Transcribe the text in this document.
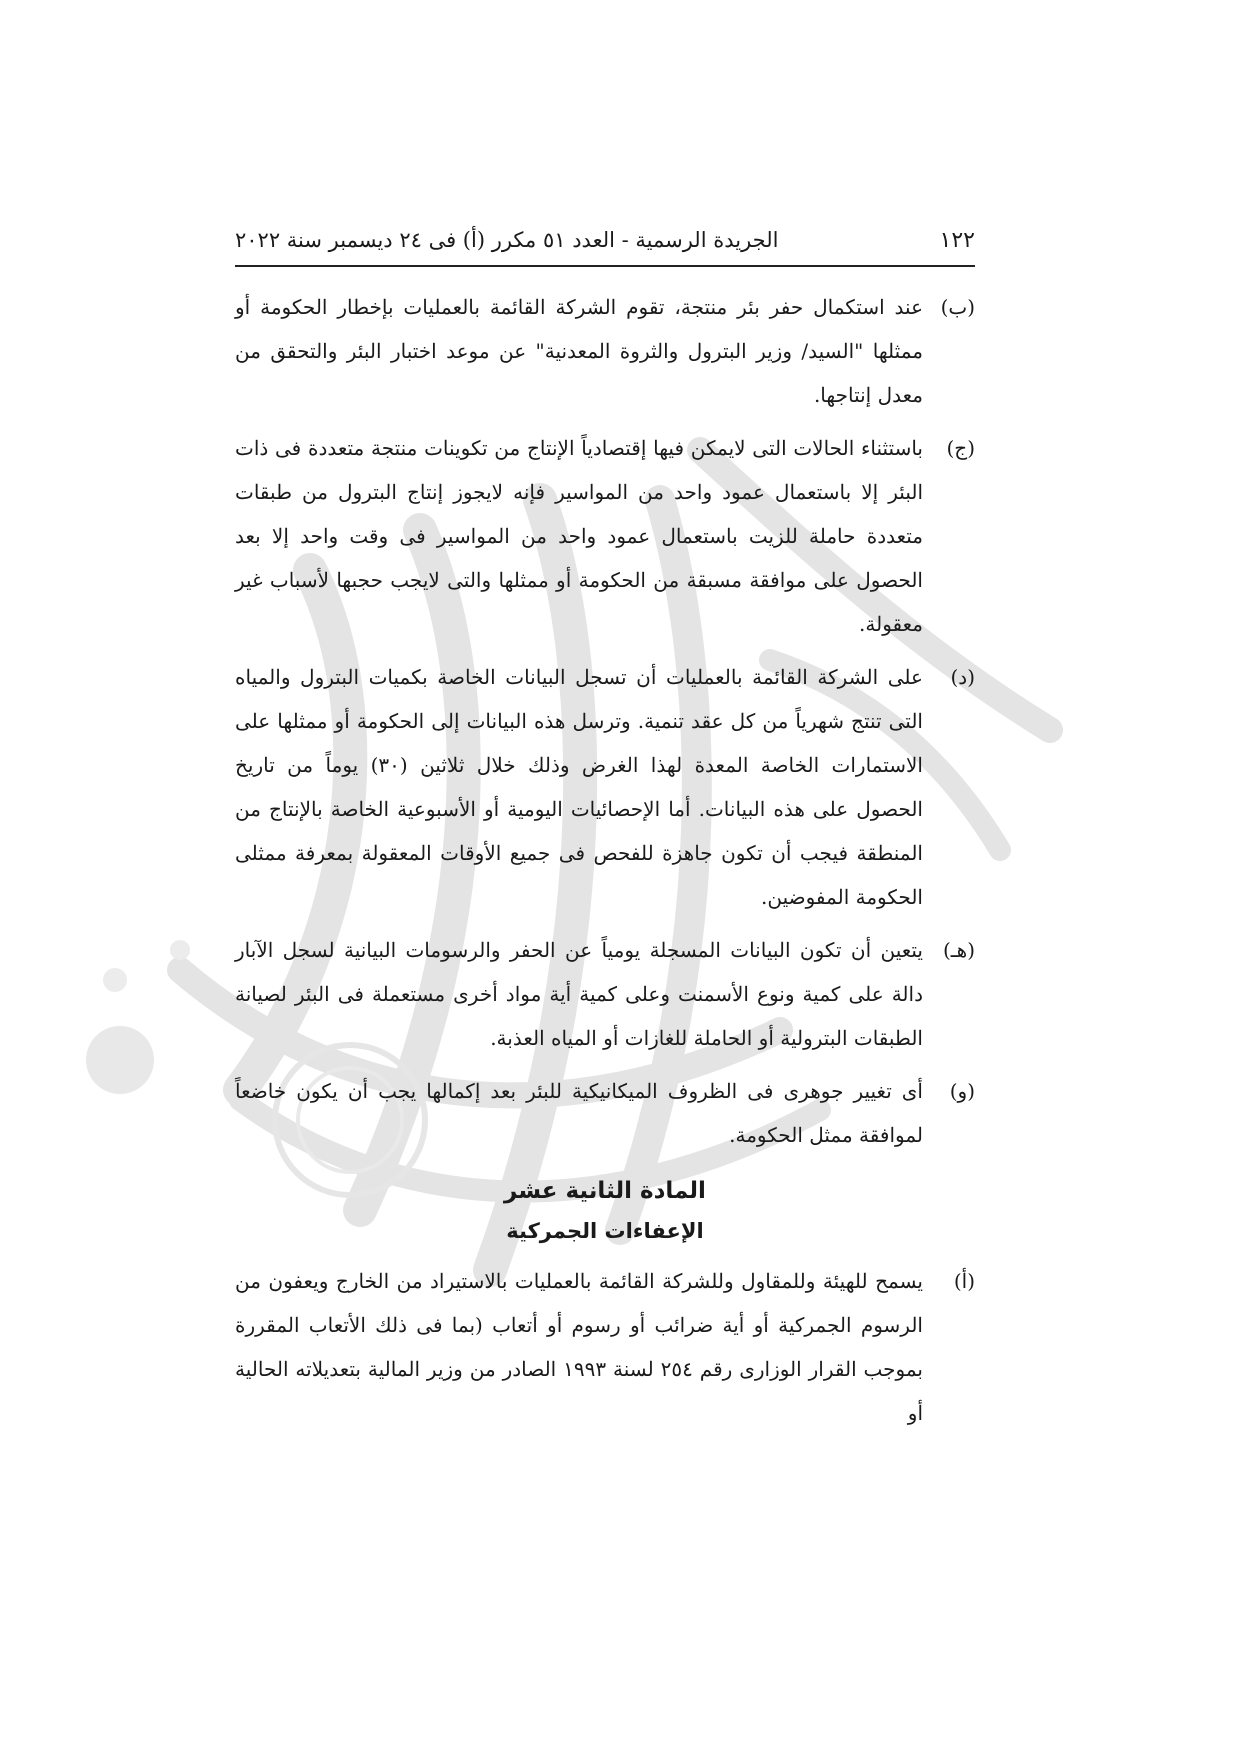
١٢٢
الجريدة الرسمية - العدد ٥١ مكرر (أ) فى ٢٤ ديسمبر سنة ٢٠٢٢
(ب)
عند استكمال حفر بئر منتجة، تقوم الشركة القائمة بالعمليات بإخطار الحكومة أو ممثلها "السيد/ وزير البترول والثروة المعدنية" عن موعد اختبار البئر والتحقق من معدل إنتاجها.
(ج)
باستثناء الحالات التى لايمكن فيها إقتصادياً الإنتاج من تكوينات منتجة متعددة فى ذات البئر إلا باستعمال عمود واحد من المواسير فإنه لايجوز إنتاج البترول من طبقات متعددة حاملة للزيت باستعمال عمود واحد من المواسير فى وقت واحد إلا بعد الحصول على موافقة مسبقة من الحكومة أو ممثلها والتى لايجب حجبها لأسباب غير معقولة.
(د)
على الشركة القائمة بالعمليات أن تسجل البيانات الخاصة بكميات البترول والمياه التى تنتج شهرياً من كل عقد تنمية. وترسل هذه البيانات إلى الحكومة أو ممثلها على الاستمارات الخاصة المعدة لهذا الغرض وذلك خلال ثلاثين (٣٠) يوماً من تاريخ الحصول على هذه البيانات. أما الإحصائيات اليومية أو الأسبوعية الخاصة بالإنتاج من المنطقة فيجب أن تكون جاهزة للفحص فى جميع الأوقات المعقولة بمعرفة ممثلى الحكومة المفوضين.
(هـ)
يتعين أن تكون البيانات المسجلة يومياً عن الحفر والرسومات البيانية لسجل الآبار دالة على كمية ونوع الأسمنت وعلى كمية أية مواد أخرى مستعملة فى البئر لصيانة الطبقات البترولية أو الحاملة للغازات أو المياه العذبة.
(و)
أى تغيير جوهرى فى الظروف الميكانيكية للبئر بعد إكمالها يجب أن يكون خاضعاً لموافقة ممثل الحكومة.
المادة الثانية عشر
الإعفاءات الجمركية
(أ)
يسمح للهيئة وللمقاول وللشركة القائمة بالعمليات بالاستيراد من الخارج ويعفون من الرسوم الجمركية أو أية ضرائب أو رسوم أو أتعاب (بما فى ذلك الأتعاب المقررة بموجب القرار الوزارى رقم ٢٥٤ لسنة ١٩٩٣ الصادر من وزير المالية بتعديلاته الحالية أو
